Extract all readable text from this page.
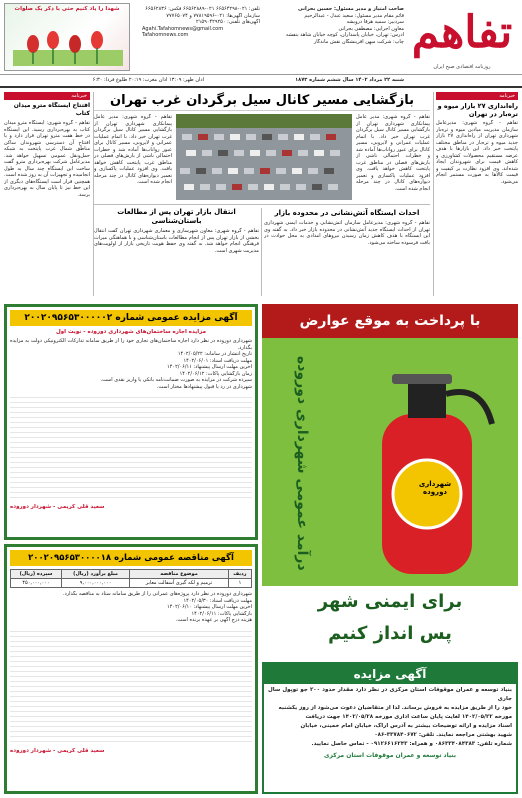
تفاهم
روزنامه اقتصادی صبح ایران
صاحب امتیاز و مدیر مسئول: حسین بحرانی
قائم مقام مدیر مسئول: سعید عبدل - عبدالرحیم
سردبیر: سمیه هرقا درویشه
معاون اجرایی: مصطفی بحرانی
آدرس: تهران، خیابان پاسداران، کوچه خیابان شاهد بنفشه
چاپ: شرکت میهن آفرینشگان نقش ماندگار
تلفن: ۰۲۱-۶۶۵۶۴۲۹۸ ۰۲۱-۶۶۵۶۲۸۸۹ فکس: ۶۶۵۶۲۸۳۶
سازمان آگهی‌ها: ۰۲۱-۷۷۸۱۹۵۹۶ و ۷۷۷۶۵۰۷۴
آگهی‌های تلفنی: ۲۱۵۹۰۴۲۹۲۵۰
Agahi.Tafahomnews@gmail.com
Tafahomnews.com
شهدا را یاد کنیم حتی با ذکر یک صلوات
شنبه ۲۲ مرداد ۱۴۰۲ سال ششم شماره ۱۸۷۳
اذان ظهر: ۱۳:۰۹ اذان مغرب: ۲۰:۱۹ طلوع فردا: ۶:۳۰
خبرنامه
راه‌اندازی ۲۷ بازار میوه و تره‌بار در تهران
تفاهم - گروه شهری: مدیرعامل سازمان مدیریت میادین میوه و تره‌بار شهرداری تهران از راه‌اندازی ۲۷ بازار جدید میوه و تره‌بار در مناطق مختلف پایتخت خبر داد. این بازارها با هدف عرضه مستقیم محصولات کشاورزی و کاهش قیمت برای شهروندان ایجاد شده‌اند. وی افزود نظارت بر کیفیت و قیمت کالاها به صورت مستمر انجام می‌شود.
بازگشایی مسیر کانال سیل برگردان غرب تهران
تفاهم - گروه شهری: مدیر عامل پیمانکاری شهرداری تهران از بازگشایی مسیر کانال سیل برگردان غرب تهران خبر داد. با اتمام عملیات عمرانی و لایروبی، مسیر کانال برای عبور رواناب‌ها آماده شد و خطرات احتمالی ناشی از بارش‌های فصلی در مناطق غرب پایتخت کاهش خواهد یافت. وی افزود عملیات پاکسازی و تعمیر دیواره‌های کانال در چند مرحله انجام شده است.
تفاهم - گروه شهری: مدیر عامل پیمانکاری شهرداری تهران از بازگشایی مسیر کانال سیل برگردان غرب تهران خبر داد. با اتمام عملیات عمرانی و لایروبی، مسیر کانال برای عبور رواناب‌ها آماده شد و خطرات احتمالی ناشی از بارش‌های فصلی در مناطق غرب پایتخت کاهش خواهد یافت. وی افزود عملیات پاکسازی و تعمیر دیواره‌های کانال در چند مرحله انجام شده است.
احداث ایستگاه آتش‌نشانی در محدوده بازار
تفاهم - گروه شهری: مدیرعامل سازمان آتش‌نشانی و خدمات ایمنی شهرداری تهران از احداث ایستگاه جدید آتش‌نشانی در محدوده بازار خبر داد. به گفته وی این ایستگاه با هدف کاهش زمان رسیدن نیروهای امدادی به محل حوادث در بافت فرسوده ساخته می‌شود.
انتقال بازار تهران پس از مطالعات باستان‌شناسی
تفاهم - گروه شهری: معاون شهرسازی و معماری شهرداری تهران گفت انتقال بخشی از بازار تهران پس از انجام مطالعات باستان‌شناسی و با هماهنگی میراث فرهنگی انجام خواهد شد. به گفته وی حفظ هویت تاریخی بازار از اولویت‌های مدیریت شهری است.
خبرنامه
افتتاح ایستگاه مترو میدان کتاب
تفاهم - گروه شهری: ایستگاه مترو میدان کتاب به بهره‌برداری رسید. این ایستگاه در خط هفت مترو تهران قرار دارد و با افتتاح آن دسترسی شهروندان ساکن مناطق شمال غرب پایتخت به شبکه حمل‌ونقل عمومی تسهیل خواهد شد. مدیرعامل شرکت بهره‌برداری مترو گفت ساخت این ایستگاه چند سال به طول انجامیده و تجهیزات آن به روز شده است. همچنین قرار است ایستگاه‌های دیگری از این خط نیز تا پایان سال به بهره‌برداری برسد.
آگهی مزایده عمومی شماره ۲۰۰۲۰۹۵۶۵۳۰۰۰۰۰۲
مزایده اجاره ساختمان‌های شهرداری دوروده - نوبت اول
شهرداری دوروده در نظر دارد اجاره ساختمان‌های تجاری خود را از طریق سامانه تدارکات الکترونیکی دولت به مزایده بگذارد.
تاریخ انتشار در سامانه: ۱۴۰۲/۰۵/۲۲
مهلت دریافت اسناد: ۱۴۰۲/۰۶/۰۱
آخرین مهلت ارسال پیشنهاد: ۱۴۰۲/۰۶/۱۱
زمان بازگشایی پاکات: ۱۴۰۲/۰۶/۱۲
سپرده شرکت در مزایده به صورت ضمانت‌نامه بانکی یا واریز نقدی است.
شهرداری در رد یا قبول پیشنهادها مختار است.
سعید قلی کریمی - شهردار دوروده
آگهی مناقصه عمومی شماره ۲۰۰۲۰۹۵۶۵۳۰۰۰۰۱۸
ردیف	موضوع مناقصه	مبلغ برآورد (ریال)	سپرده (ریال)
۱	ترمیم و لکه گیری آسفالت معابر	۹,۰۰۰,۰۰۰,۰۰۰	۴۵۰,۰۰۰,۰۰۰
شهرداری دوروده در نظر دارد پروژه‌های عمرانی را از طریق سامانه ستاد به مناقصه بگذارد.
مهلت دریافت اسناد: ۱۴۰۲/۰۵/۳۰
آخرین مهلت ارسال پیشنهاد: ۱۴۰۲/۰۶/۱۰
بازگشایی پاکات: ۱۴۰۲/۰۶/۱۱
هزینه درج آگهی بر عهده برنده است.
سعید قلی کریمی - شهردار دوروده
با پرداخت به موقع عوارض
درآمد عمومی شهرداری دوروده	شهرداری دوروده
برای ایمنی شهر
پس انداز کنیم
آگهی مزایده
بنیاد توسعه و عمران موقوفات استان مرکزی در نظر دارد مقدار حدود ۲۰۰ جو توپول سال جاری
خود را از طریق مزایده به فروش برساند. لذا از متقاضیان دعوت می‌شود از روز یکشنبه
مورخه ۱۴۰۲/۰۵/۲۲ لغایت پایان ساعت اداری مورخه ۱۴۰۲/۰۵/۲۸ جهت دریافت
اسناد مزایده و ارائه توضیحات بیشتر به آدرس اراک، خیابان امام خمینی، خیابان
شهید بهشتی مراجعه نمایند. تلفن: ۳۳۷۸۴۰۶۷۲-۰۸۶
شماره تلفن: ۰۸۶۳۳۴۰۸۴۳۸۳ و همراه: ۰۹۱۲۶۶۱۶۲۴۳ - تماس حاصل نمایید.
بنیاد توسعه و عمران موقوفات استان مرکزی
